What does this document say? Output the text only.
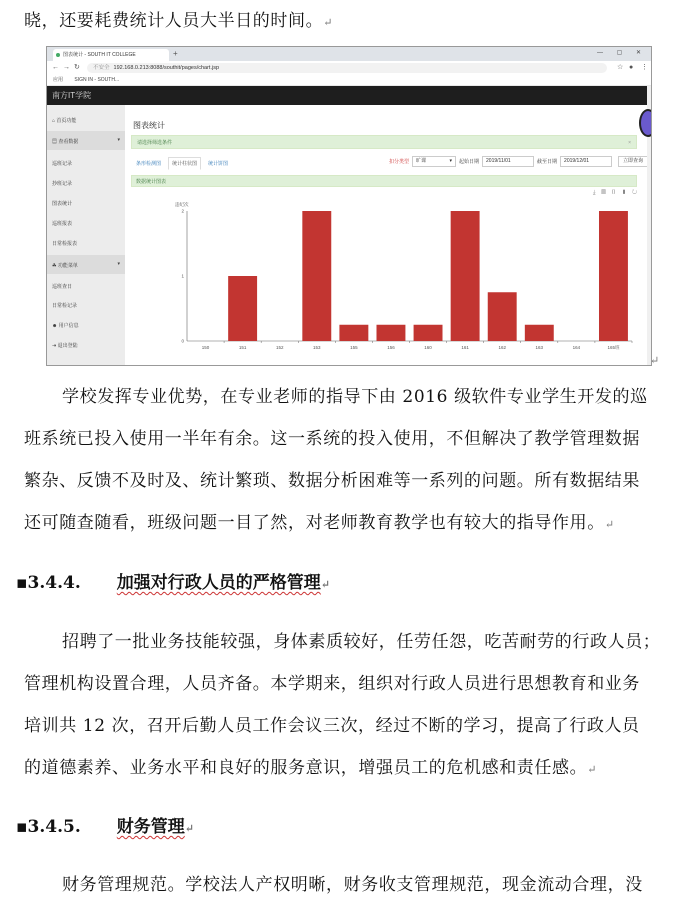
晓，还要耗费统计人员大半日的时间。↵
图表统计 - SOUTH IT COLLEGE	+	— ▢ ✕
← → ↻	不安全 192.168.0.213:8088/southit/pages/chart.jsp	☆ ● ⋮
应用 SIGN IN - SOUTH...
南方IT学院
⌂ 首页功能
▤ 查看数据	▾
巡班记录
抄班记录
图表统计
巡班报表
日常检报表
☘ 功能菜单	▾
巡班查日
日常检记录
☻ 用户信息
⇥ 退出登陆
图表统计
请选择筛选条件	×
条形检测图 统计柱状图 统计饼图	扣分类型 旷课	▾ 起始日期 2019/11/01	截至日期 2019/12/01	立即查询
数据统计图表
⤓ ▤ ▯ ▮ ↻
违纪次
2
1
0
150	151	152	153	155	156	160	161	162	163	164	165班
↵
学校发挥专业优势，在专业老师的指导下由 2016 级软件专业学生开发的巡
班系统已投入使用一半年有余。这一系统的投入使用，不但解决了教学管理数据
繁杂、反馈不及时及、统计繁琐、数据分析困难等一系列的问题。所有数据结果
还可随查随看，班级问题一目了然，对老师教育教学也有较大的指导作用。↵
▪3.4.4. 加强对行政人员的严格管理↵
招聘了一批业务技能较强，身体素质较好，任劳任怨，吃苦耐劳的行政人员；
管理机构设置合理，人员齐备。本学期来，组织对行政人员进行思想教育和业务
培训共 12 次，召开后勤人员工作会议三次，经过不断的学习，提高了行政人员
的道德素养、业务水平和良好的服务意识，增强员工的危机感和责任感。↵
▪3.4.5. 财务管理↵
财务管理规范。学校法人产权明晰，财务收支管理规范，现金流动合理，没
